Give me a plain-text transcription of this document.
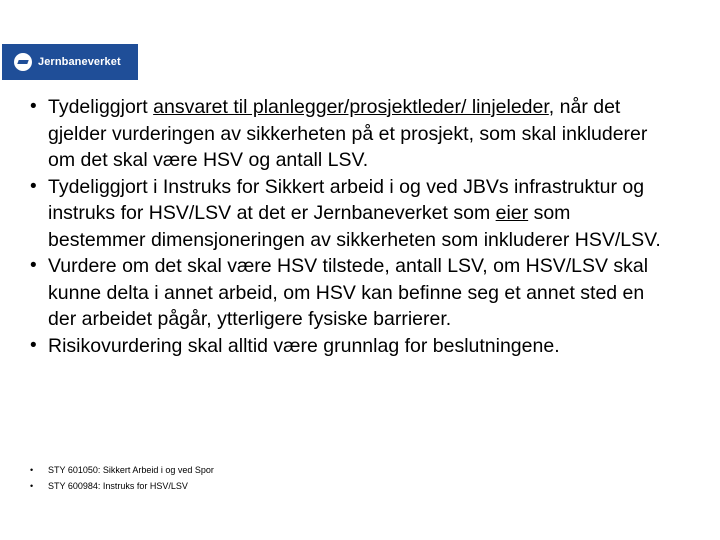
Jernbaneverket
• Tydeliggjort ansvaret til planlegger/prosjektleder/ linjeleder, når det gjelder vurderingen av sikkerheten på et prosjekt, som skal inkluderer om det skal være HSV og antall LSV.
• Tydeliggjort i Instruks for Sikkert arbeid i og ved JBVs infrastruktur og instruks for HSV/LSV at det er Jernbaneverket som eier som bestemmer dimensjoneringen av sikkerheten som inkluderer HSV/LSV.
• Vurdere om det skal være HSV tilstede, antall LSV, om HSV/LSV skal kunne delta i annet arbeid, om HSV kan befinne seg et annet sted en der arbeidet pågår, ytterligere fysiske barrierer.
• Risikovurdering skal alltid være grunnlag for beslutningene.
• STY 601050: Sikkert Arbeid i og ved Spor
• STY 600984: Instruks for HSV/LSV
